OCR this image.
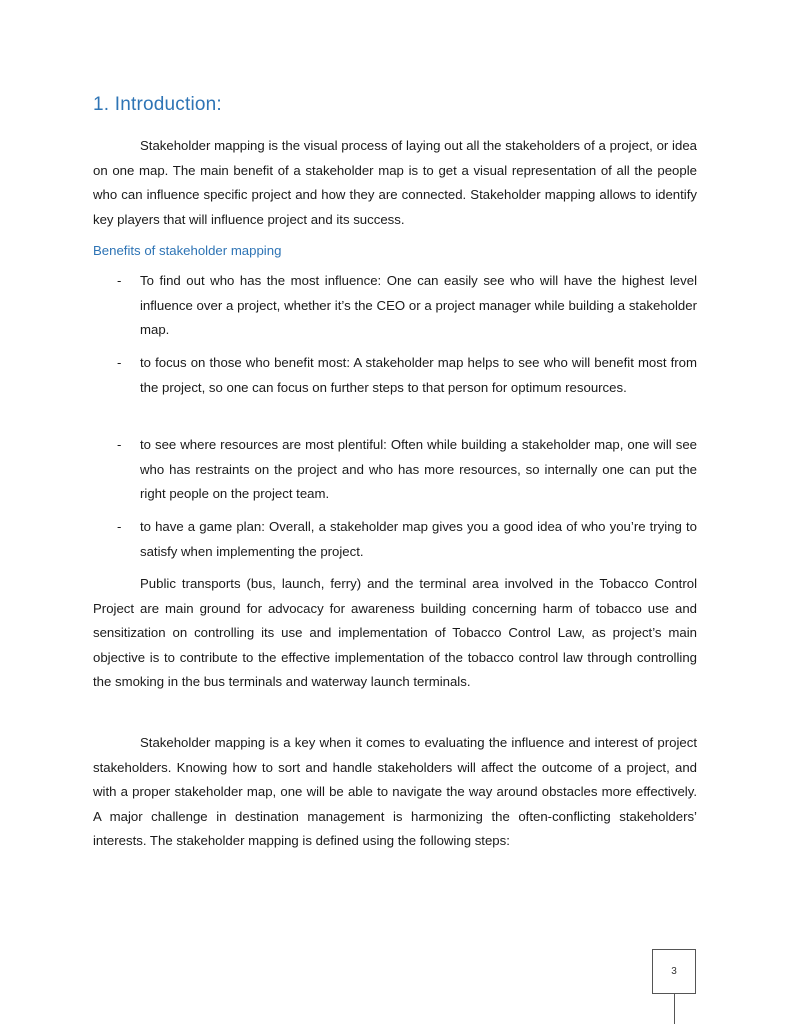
1. Introduction:

Stakeholder mapping is the visual process of laying out all the stakeholders of a project, or idea on one map. The main benefit of a stakeholder map is to get a visual representation of all the people who can influence specific project and how they are connected. Stakeholder mapping allows to identify key players that will influence project and its success.

Benefits of stakeholder mapping
- To find out who has the most influence: One can easily see who will have the highest level influence over a project, whether it’s the CEO or a project manager while building a stakeholder map.

- to focus on those who benefit most: A stakeholder map helps to see who will benefit most from the project, so one can focus on further steps to that person for optimum resources.

- to see where resources are most plentiful: Often while building a stakeholder map, one will see who has restraints on the project and who has more resources, so internally one can put the right people on the project team.

- to have a game plan: Overall, a stakeholder map gives you a good idea of who you’re trying to satisfy when implementing the project.

Public transports (bus, launch, ferry) and the terminal area involved in the Tobacco Control Project are main ground for advocacy for awareness building concerning harm of tobacco use and sensitization on controlling its use and implementation of Tobacco Control Law, as project’s main objective is to contribute to the effective implementation of the tobacco control law through controlling the smoking in the bus terminals and waterway launch terminals.

Stakeholder mapping is a key when it comes to evaluating the influence and interest of project stakeholders. Knowing how to sort and handle stakeholders will affect the outcome of a project, and with a proper stakeholder map, one will be able to navigate the way around obstacles more effectively. A major challenge in destination management is harmonizing the often-conflicting stakeholders’ interests. The stakeholder mapping is defined using the following steps:

3
